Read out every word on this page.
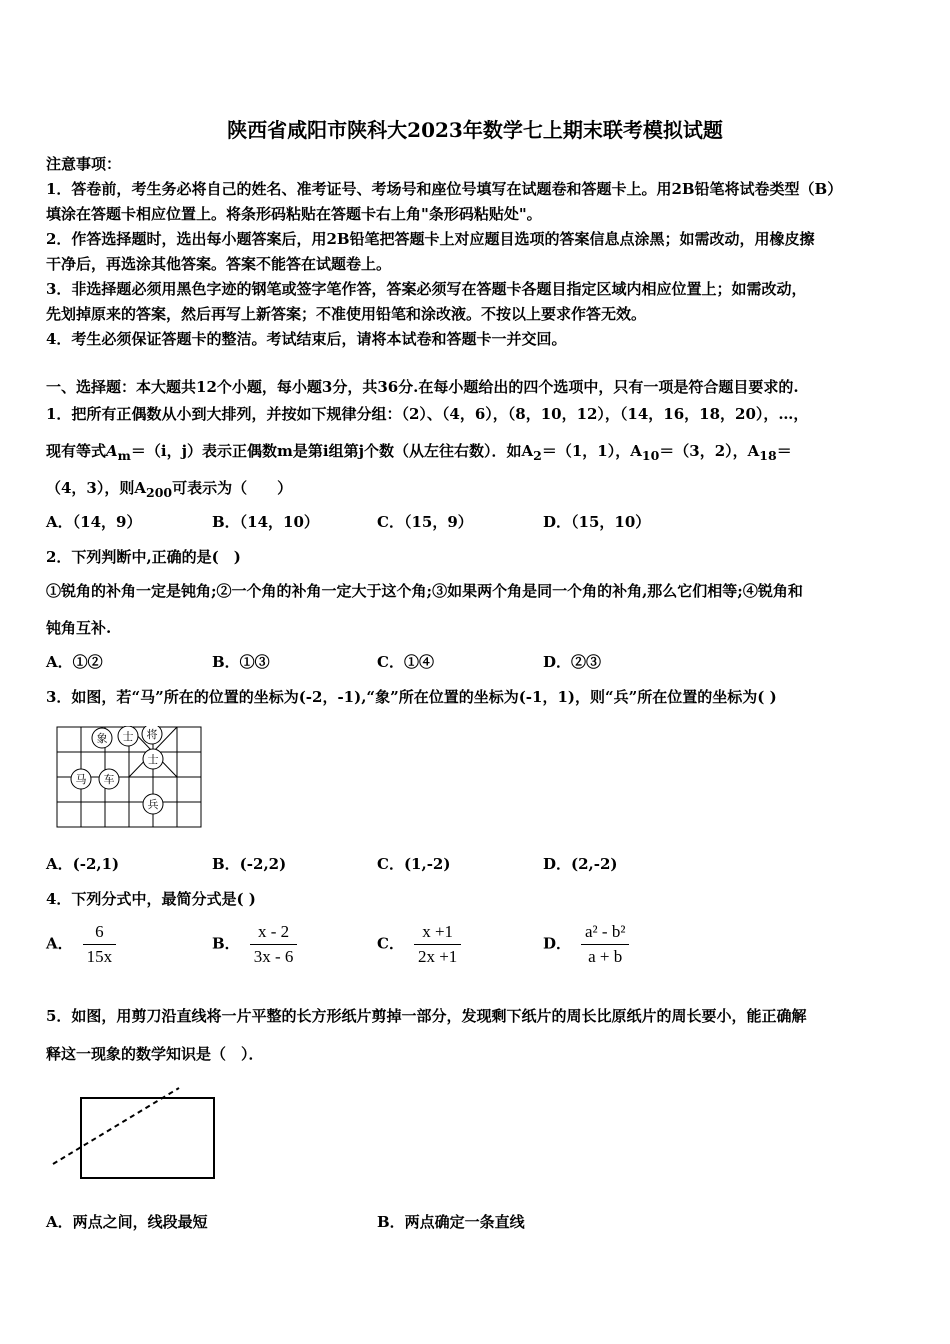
陕西省咸阳市陕科大2023年数学七上期末联考模拟试题
注意事项：
1．答卷前，考生务必将自己的姓名、准考证号、考场号和座位号填写在试题卷和答题卡上。用2B铅笔将试卷类型（B）
填涂在答题卡相应位置上。将条形码粘贴在答题卡右上角"条形码粘贴处"。
2．作答选择题时，选出每小题答案后，用2B铅笔把答题卡上对应题目选项的答案信息点涂黑；如需改动，用橡皮擦
干净后，再选涂其他答案。答案不能答在试题卷上。
3．非选择题必须用黑色字迹的钢笔或签字笔作答，答案必须写在答题卡各题目指定区域内相应位置上；如需改动，
先划掉原来的答案，然后再写上新答案；不准使用铅笔和涂改液。不按以上要求作答无效。
4．考生必须保证答题卡的整洁。考试结束后，请将本试卷和答题卡一并交回。
一、选择题：本大题共12个小题，每小题3分，共36分.在每小题给出的四个选项中，只有一项是符合题目要求的.
1．把所有正偶数从小到大排列，并按如下规律分组：（2）、（4，6），（8，10，12），（14，16，18，20），…，
现有等式$A_m=(i$，j）表示正偶数m是第i组第j个数（从左往右数）．如$A_2=(1$，1），$A_{10}=(3$，2），$A_{18}=$
（4，3），则$A_{200}$可表示为（　　）
A．（14，9）	B．（14，10）	C．（15，9）	D．（15，10）
2．下列判断中,正确的是(　)
①锐角的补角一定是钝角;②一个角的补角一定大于这个角;③如果两个角是同一个角的补角,那么它们相等;④锐角和
钝角互补.
A．①②	B．①③	C．①④	D．②③
3．如图，若“马”所在的位置的坐标为(-2，-1),“象”所在位置的坐标为(-1，1)，则“兵”所在位置的坐标为( )
象 士 将
士
马 车
兵
A．(-2,1)	B．(-2,2)	C．(1,-2)	D．(2,-2)
4．下列分式中，最简分式是( )
A． $\frac{6}{15x}$	B． $\frac{x - 2}{3x - 6}$	C． $\frac{x +1}{2x +1}$	D． $\frac{\text{a² - b²}}{a + b}$
5．如图，用剪刀沿直线将一片平整的长方形纸片剪掉一部分，发现剩下纸片的周长比原纸片的周长要小，能正确解
释这一现象的数学知识是（　）．
A．两点之间，线段最短	B．两点确定一条直线
